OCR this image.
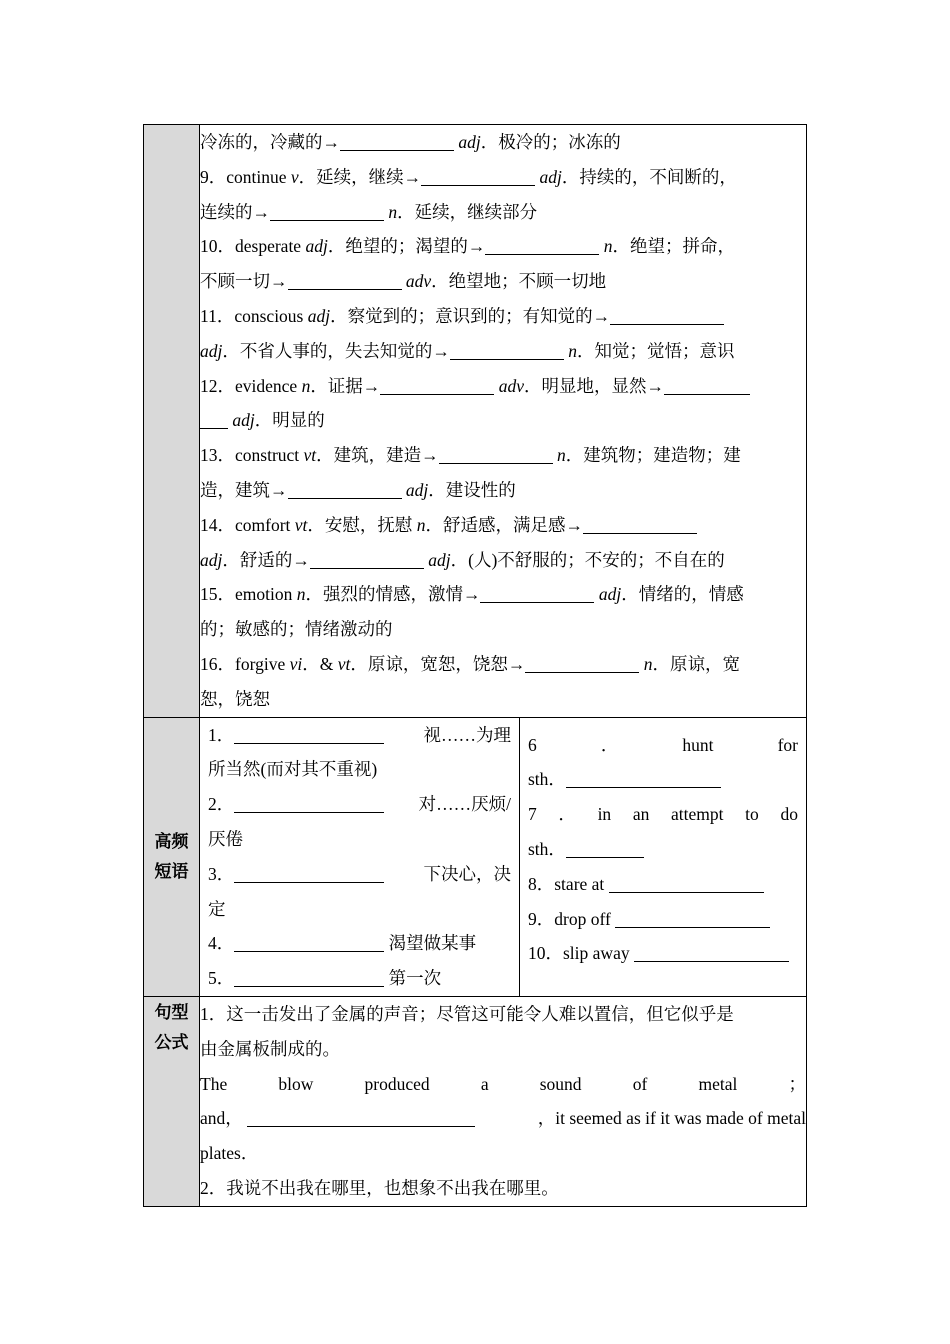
冷冻的，冷藏的→	adj．极冷的；冰冻的
9．continue v．延续，继续→	adj．持续的，不间断的，
连续的→	n．延续，继续部分
10．desperate adj．绝望的；渴望的→	n．绝望；拼命，
不顾一切→	adv．绝望地；不顾一切地
11．conscious adj．察觉到的；意识到的；有知觉的→
adj．不省人事的，失去知觉的→	n．知觉；觉悟；意识
12．evidence n．证据→	adv．明显地，显然→
adj．明显的
13．construct vt．建筑，建造→	n．建筑物；建造物；建
造，建筑→	adj．建设性的
14．comfort vt．安慰，抚慰 n．舒适感，满足感→
adj．舒适的→	adj．(人)不舒服的；不安的；不自在的
15．emotion n．强烈的情感，激情→	adj．情绪的，情感
的；敏感的；情绪激动的
16．forgive vi．& vt．原谅，宽恕，饶恕→	n．原谅，宽
恕，饶恕

高频
短语	
1．	视……为理
所当然(而对其不重视)
2．	对……厌烦/
厌倦
3．	下决心，决
定
4．	渴望做某事
5．	第一次

6	．	hunt	for
sth．
7 ． in an attempt to do
sth．
8．stare at
9．drop off
10．slip away

句型
公式	
1．这一击发出了金属的声音；尽管这可能令人难以置信，但它似乎是
由金属板制成的。
The	blow	produced	a	sound	of	metal	；
and，	，it seemed as if it was made of metal
plates．
2．我说不出我在哪里，也想象不出我在哪里。
